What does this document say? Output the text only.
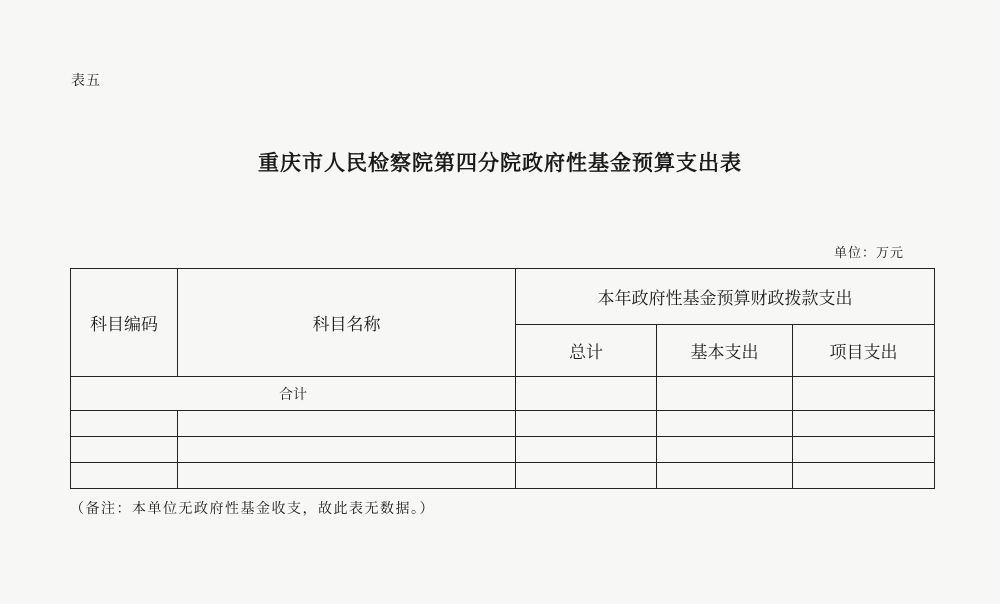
表五
重庆市人民检察院第四分院政府性基金预算支出表
单位：万元
科目编码	科目名称	本年政府性基金预算财政拨款支出		
		总计	基本支出	项目支出
合计				

（备注：本单位无政府性基金收支，故此表无数据。）
